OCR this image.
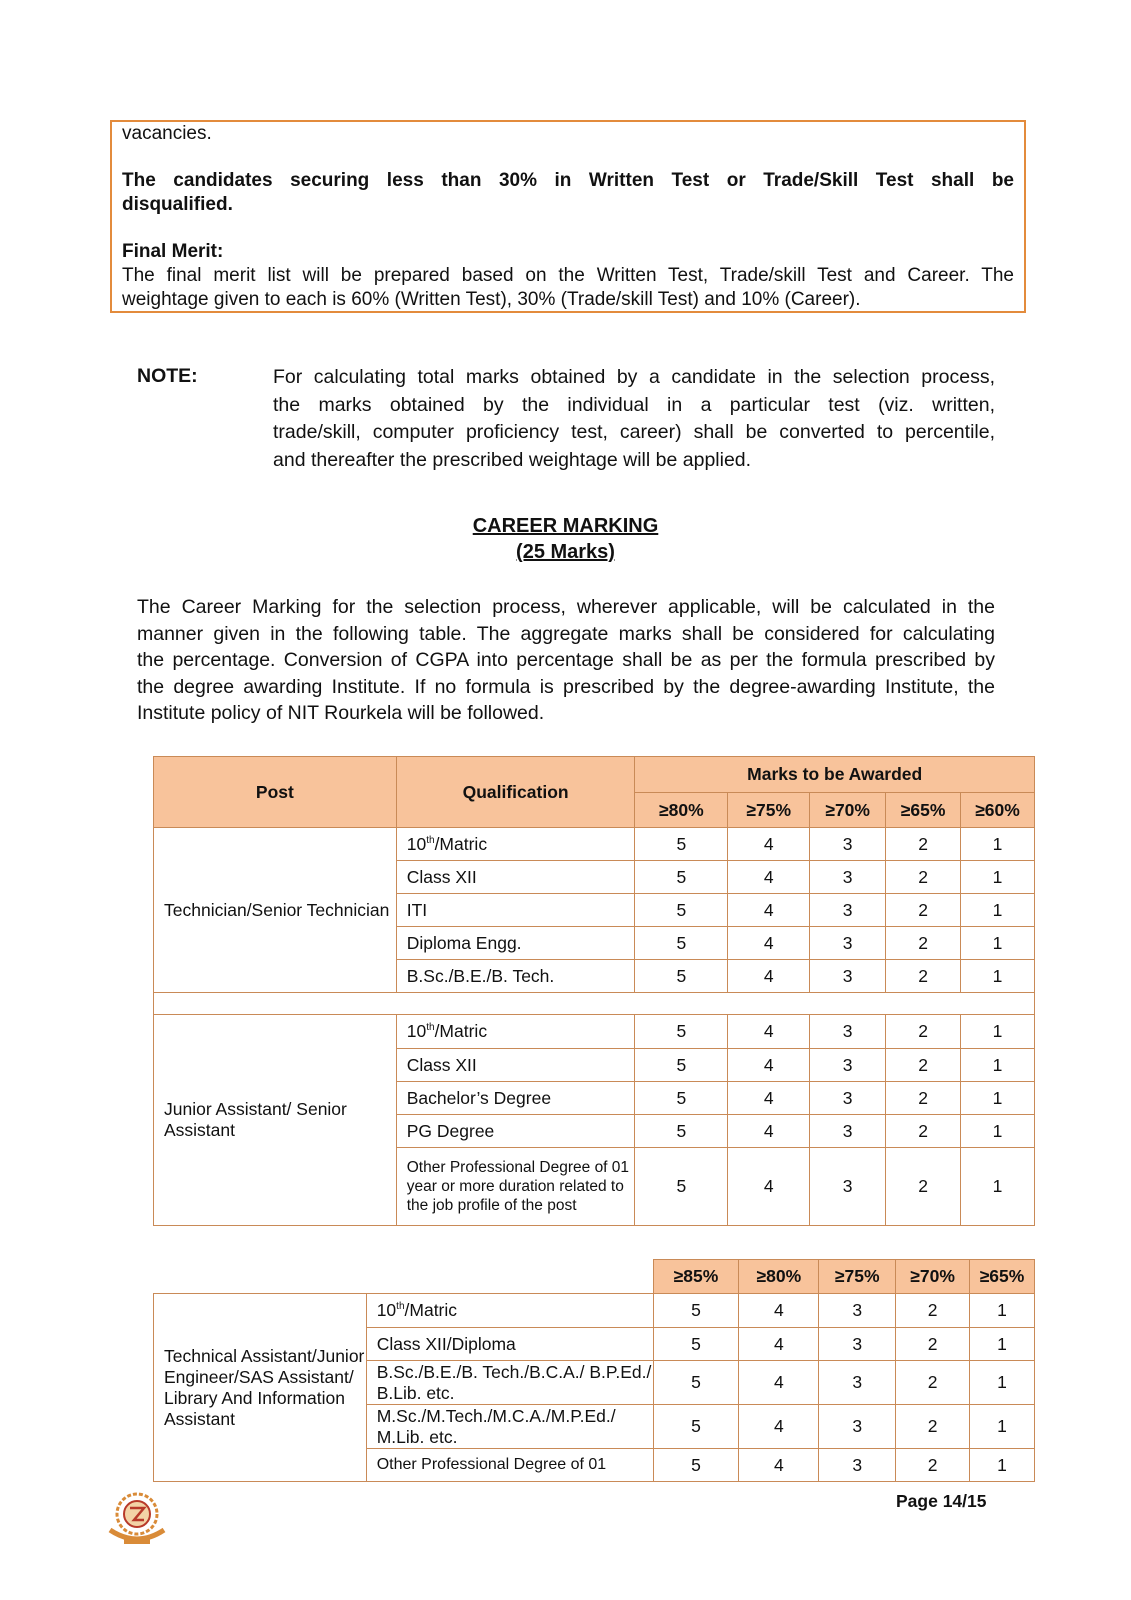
vacancies.

The candidates securing less than 30% in Written Test or Trade/Skill Test shall be

disqualified.

Final Merit:

The final merit list will be prepared based on the Written Test, Trade/skill Test and Career. The

weightage given to each is 60% (Written Test), 30% (Trade/skill Test) and 10% (Career).

NOTE:	For calculating total marks obtained by a candidate in the selection process,
the marks obtained by the individual in a particular test (viz. written,
trade/skill, computer proficiency test, career) shall be converted to percentile,
and thereafter the prescribed weightage will be applied.

CAREER MARKING
(25 Marks)

The Career Marking for the selection process, wherever applicable, will be calculated in the
manner given in the following table. The aggregate marks shall be considered for calculating
the percentage. Conversion of CGPA into percentage shall be as per the formula prescribed by
the degree awarding Institute. If no formula is prescribed by the degree-awarding Institute, the
Institute policy of NIT Rourkela will be followed.

Post	Qualification	Marks to be Awarded				
		≥80%	≥75%	≥70%	≥65%	≥60%
Technician/Senior Technician	10th/Matric	5	4	3	2	1
	Class XII	5	4	3	2	1
	ITI	5	4	3	2	1
	Diploma Engg.	5	4	3	2	1
	B.Sc./B.E./B. Tech.	5	4	3	2	1

Junior Assistant/ Senior Assistant	10th/Matric	5	4	3	2	1
	Class XII	5	4	3	2	1
	Bachelor’s Degree	5	4	3	2	1
	PG Degree	5	4	3	2	1
	Other Professional Degree of 01 year or more duration related to the job profile of the post	5	4	3	2	1
		≥85%	≥80%	≥75%	≥70%	≥65%
Technical Assistant/Junior Engineer/SAS Assistant/ Library And Information Assistant	10th/Matric	5	4	3	2	1
	Class XII/Diploma	5	4	3	2	1
	B.Sc./B.E./B. Tech./B.C.A./ B.P.Ed./ B.Lib. etc.	5	4	3	2	1
	M.Sc./M.Tech./M.C.A./M.P.Ed./ M.Lib. etc.	5	4	3	2	1
	Other Professional Degree of 01	5	4	3	2	1
Page 14/15
